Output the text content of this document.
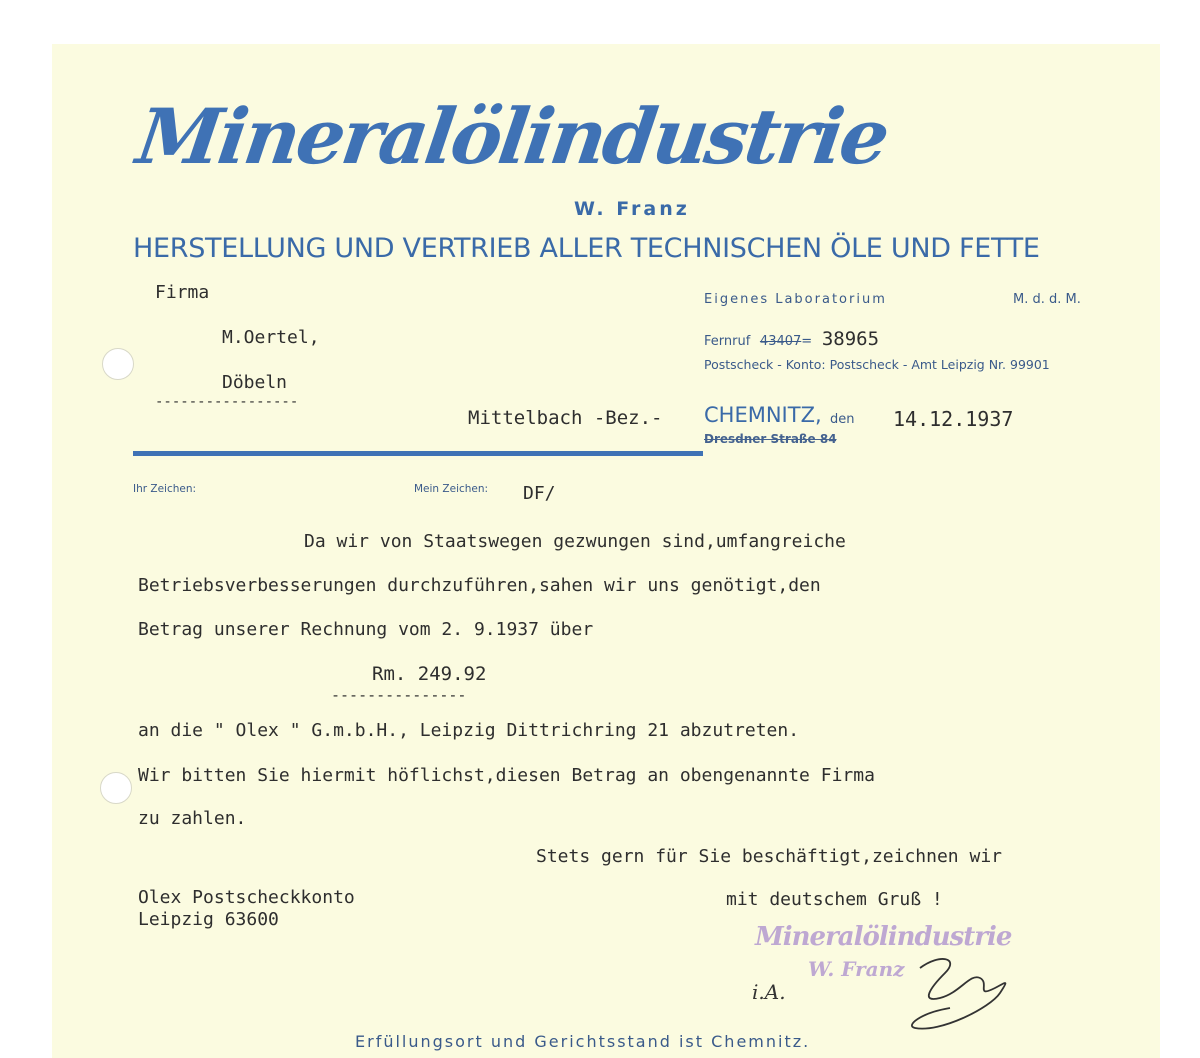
Mineralölindustrie
W. Franz
HERSTELLUNG UND VERTRIEB ALLER TECHNISCHEN ÖLE UND FETTE
Eigenes Laboratorium	M. d. d. M.
Fernruf 43407= 38965
Postscheck - Konto: Postscheck - Amt Leipzig Nr. 99901
Firma
M.Oertel,
Döbeln
-----------------
Mittelbach -Bez.- CHEMNITZ, den 14.12.1937
Dresdner Straße 84
Ihr Zeichen:	Mein Zeichen: DF/
Da wir von Staatswegen gezwungen sind,umfangreiche
Betriebsverbesserungen durchzuführen,sahen wir uns genötigt,den
Betrag unserer Rechnung vom 2. 9.1937 über
Rm. 249.92
---------------
an die " Olex " G.m.b.H., Leipzig Dittrichring 21 abzutreten.
Wir bitten Sie hiermit höflichst,diesen Betrag an obengenannte Firma
zu zahlen.
Stets gern für Sie beschäftigt,zeichnen wir
mit deutschem Gruß !
Olex Postscheckkonto
Leipzig 63600
Mineralölindustrie
W. Franz
i.A.
Erfüllungsort und Gerichtsstand ist Chemnitz.
